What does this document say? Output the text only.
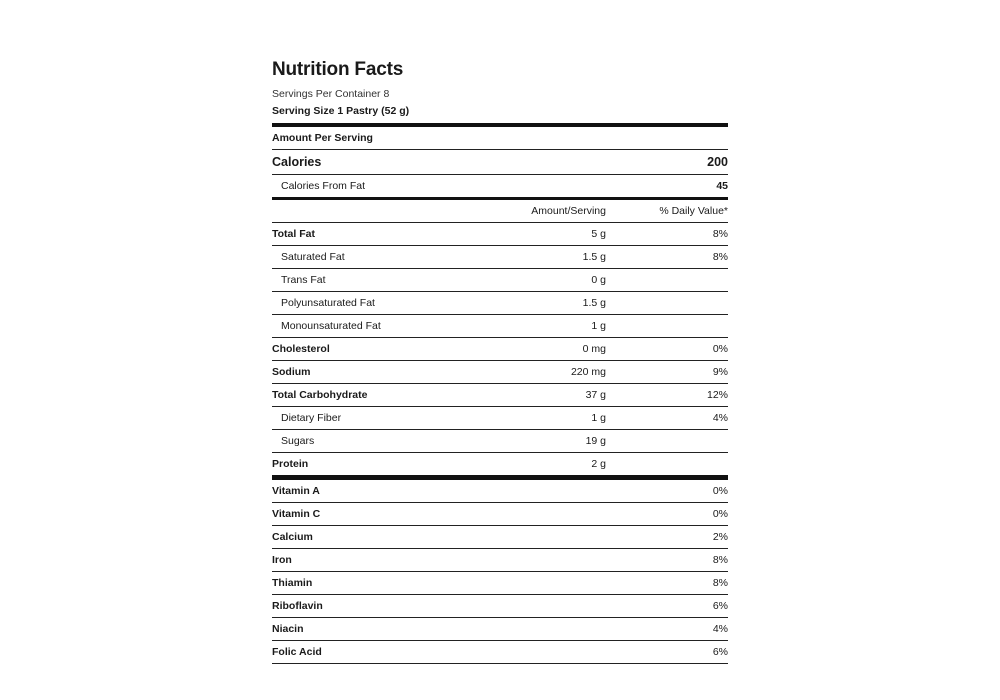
Nutrition Facts
Servings Per Container 8
Serving Size 1 Pastry (52 g)
Amount Per Serving
Calories	200
Calories From Fat	45
Amount/Serving	% Daily Value*
Total Fat	5 g	8%
Saturated Fat	1.5 g	8%
Trans Fat	0 g
Polyunsaturated Fat	1.5 g
Monounsaturated Fat	1 g
Cholesterol	0 mg	0%
Sodium	220 mg	9%
Total Carbohydrate	37 g	12%
Dietary Fiber	1 g	4%
Sugars	19 g
Protein	2 g
Vitamin A	0%
Vitamin C	0%
Calcium	2%
Iron	8%
Thiamin	8%
Riboflavin	6%
Niacin	4%
Folic Acid	6%
